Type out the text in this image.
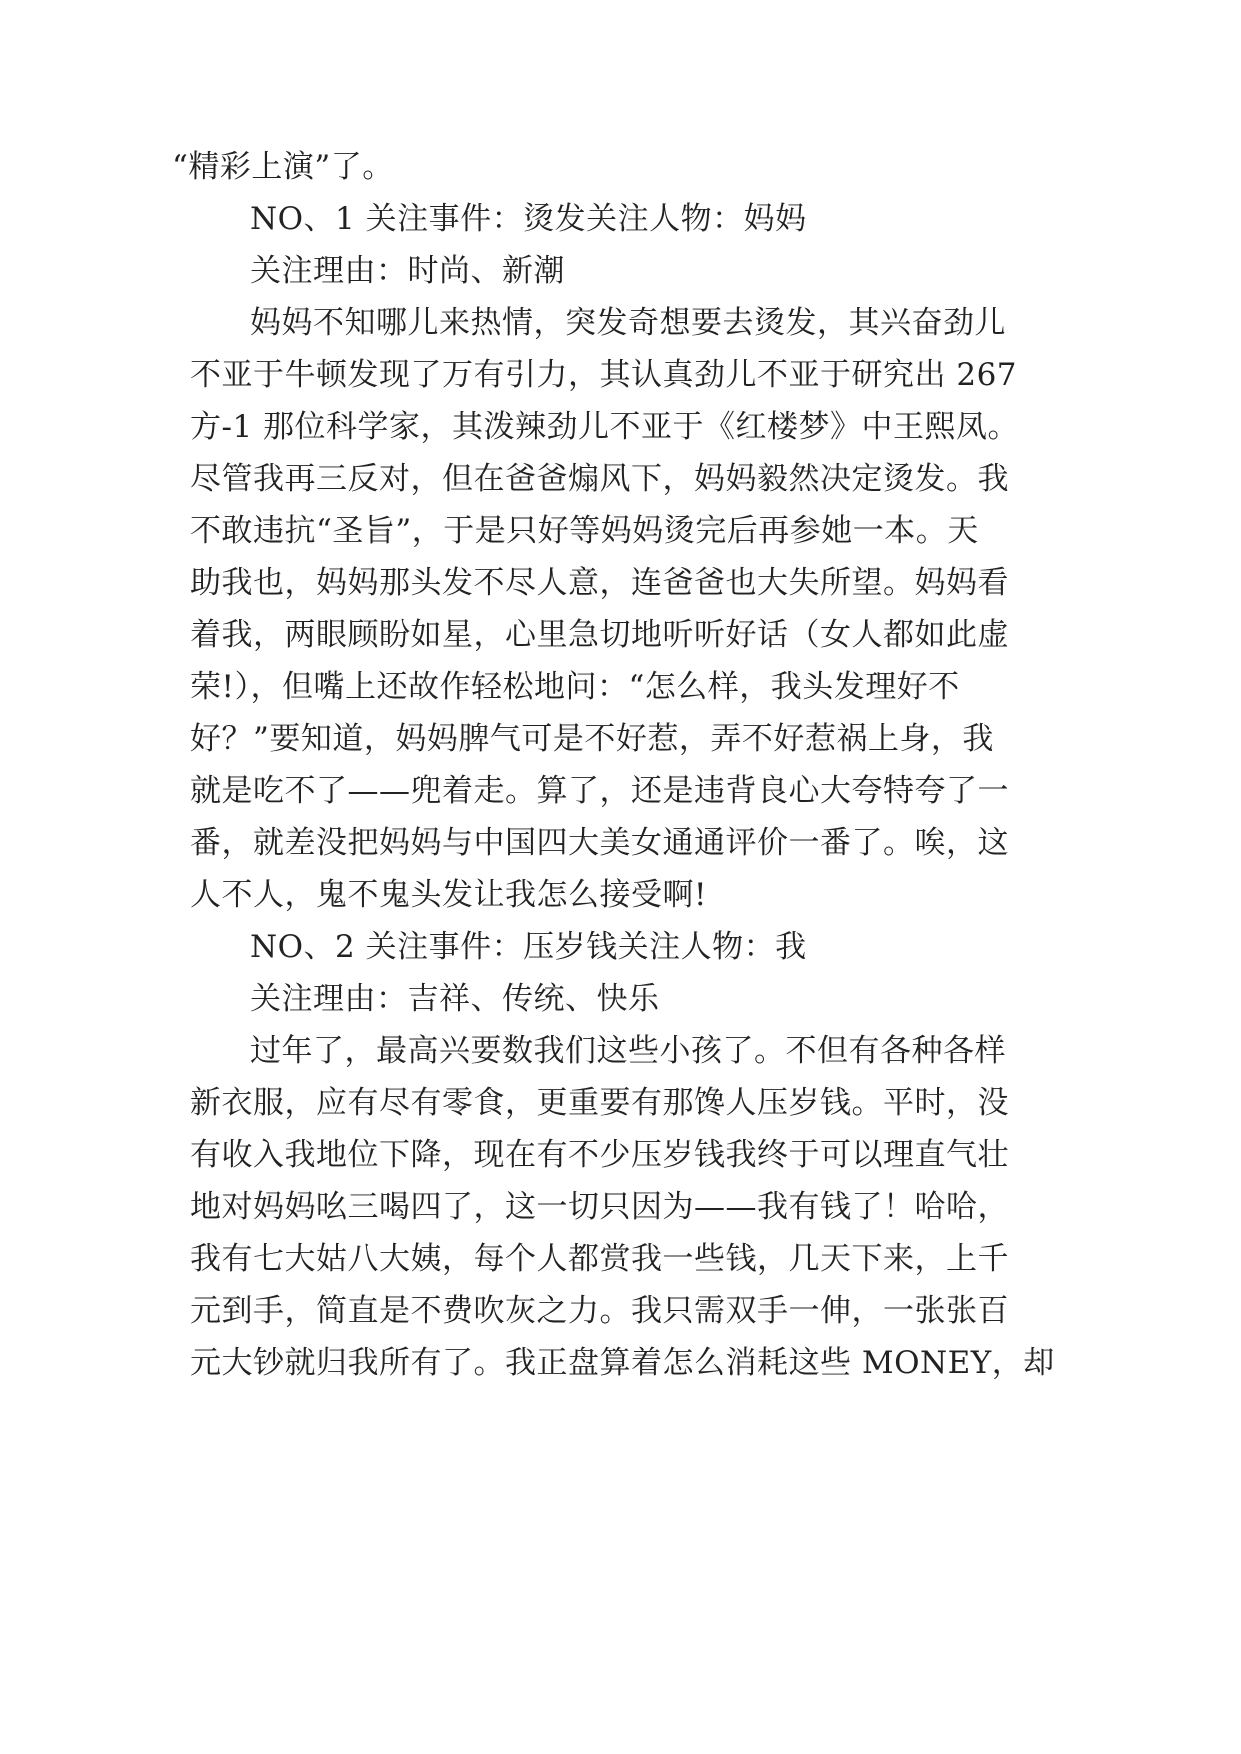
“精彩上演”了。
NO、1 关注事件：烫发关注人物：妈妈
关注理由：时尚、新潮
妈妈不知哪儿来热情，突发奇想要去烫发，其兴奋劲儿
不亚于牛顿发现了万有引力，其认真劲儿不亚于研究出 267
方-1 那位科学家，其泼辣劲儿不亚于《红楼梦》中王熙凤。
尽管我再三反对，但在爸爸煽风下，妈妈毅然决定烫发。我
不敢违抗“圣旨”，于是只好等妈妈烫完后再参她一本。天
助我也，妈妈那头发不尽人意，连爸爸也大失所望。妈妈看
着我，两眼顾盼如星，心里急切地听听好话（女人都如此虚
荣!），但嘴上还故作轻松地问：“怎么样，我头发理好不
好？”要知道，妈妈脾气可是不好惹，弄不好惹祸上身，我
就是吃不了——兜着走。算了，还是违背良心大夸特夸了一
番，就差没把妈妈与中国四大美女通通评价一番了。唉，这
人不人，鬼不鬼头发让我怎么接受啊!
NO、2 关注事件：压岁钱关注人物：我
关注理由：吉祥、传统、快乐
过年了，最高兴要数我们这些小孩了。不但有各种各样
新衣服，应有尽有零食，更重要有那馋人压岁钱。平时，没
有收入我地位下降，现在有不少压岁钱我终于可以理直气壮
地对妈妈吆三喝四了，这一切只因为——我有钱了！哈哈，
我有七大姑八大姨，每个人都赏我一些钱，几天下来，上千
元到手，简直是不费吹灰之力。我只需双手一伸，一张张百
元大钞就归我所有了。我正盘算着怎么消耗这些 MONEY，却
